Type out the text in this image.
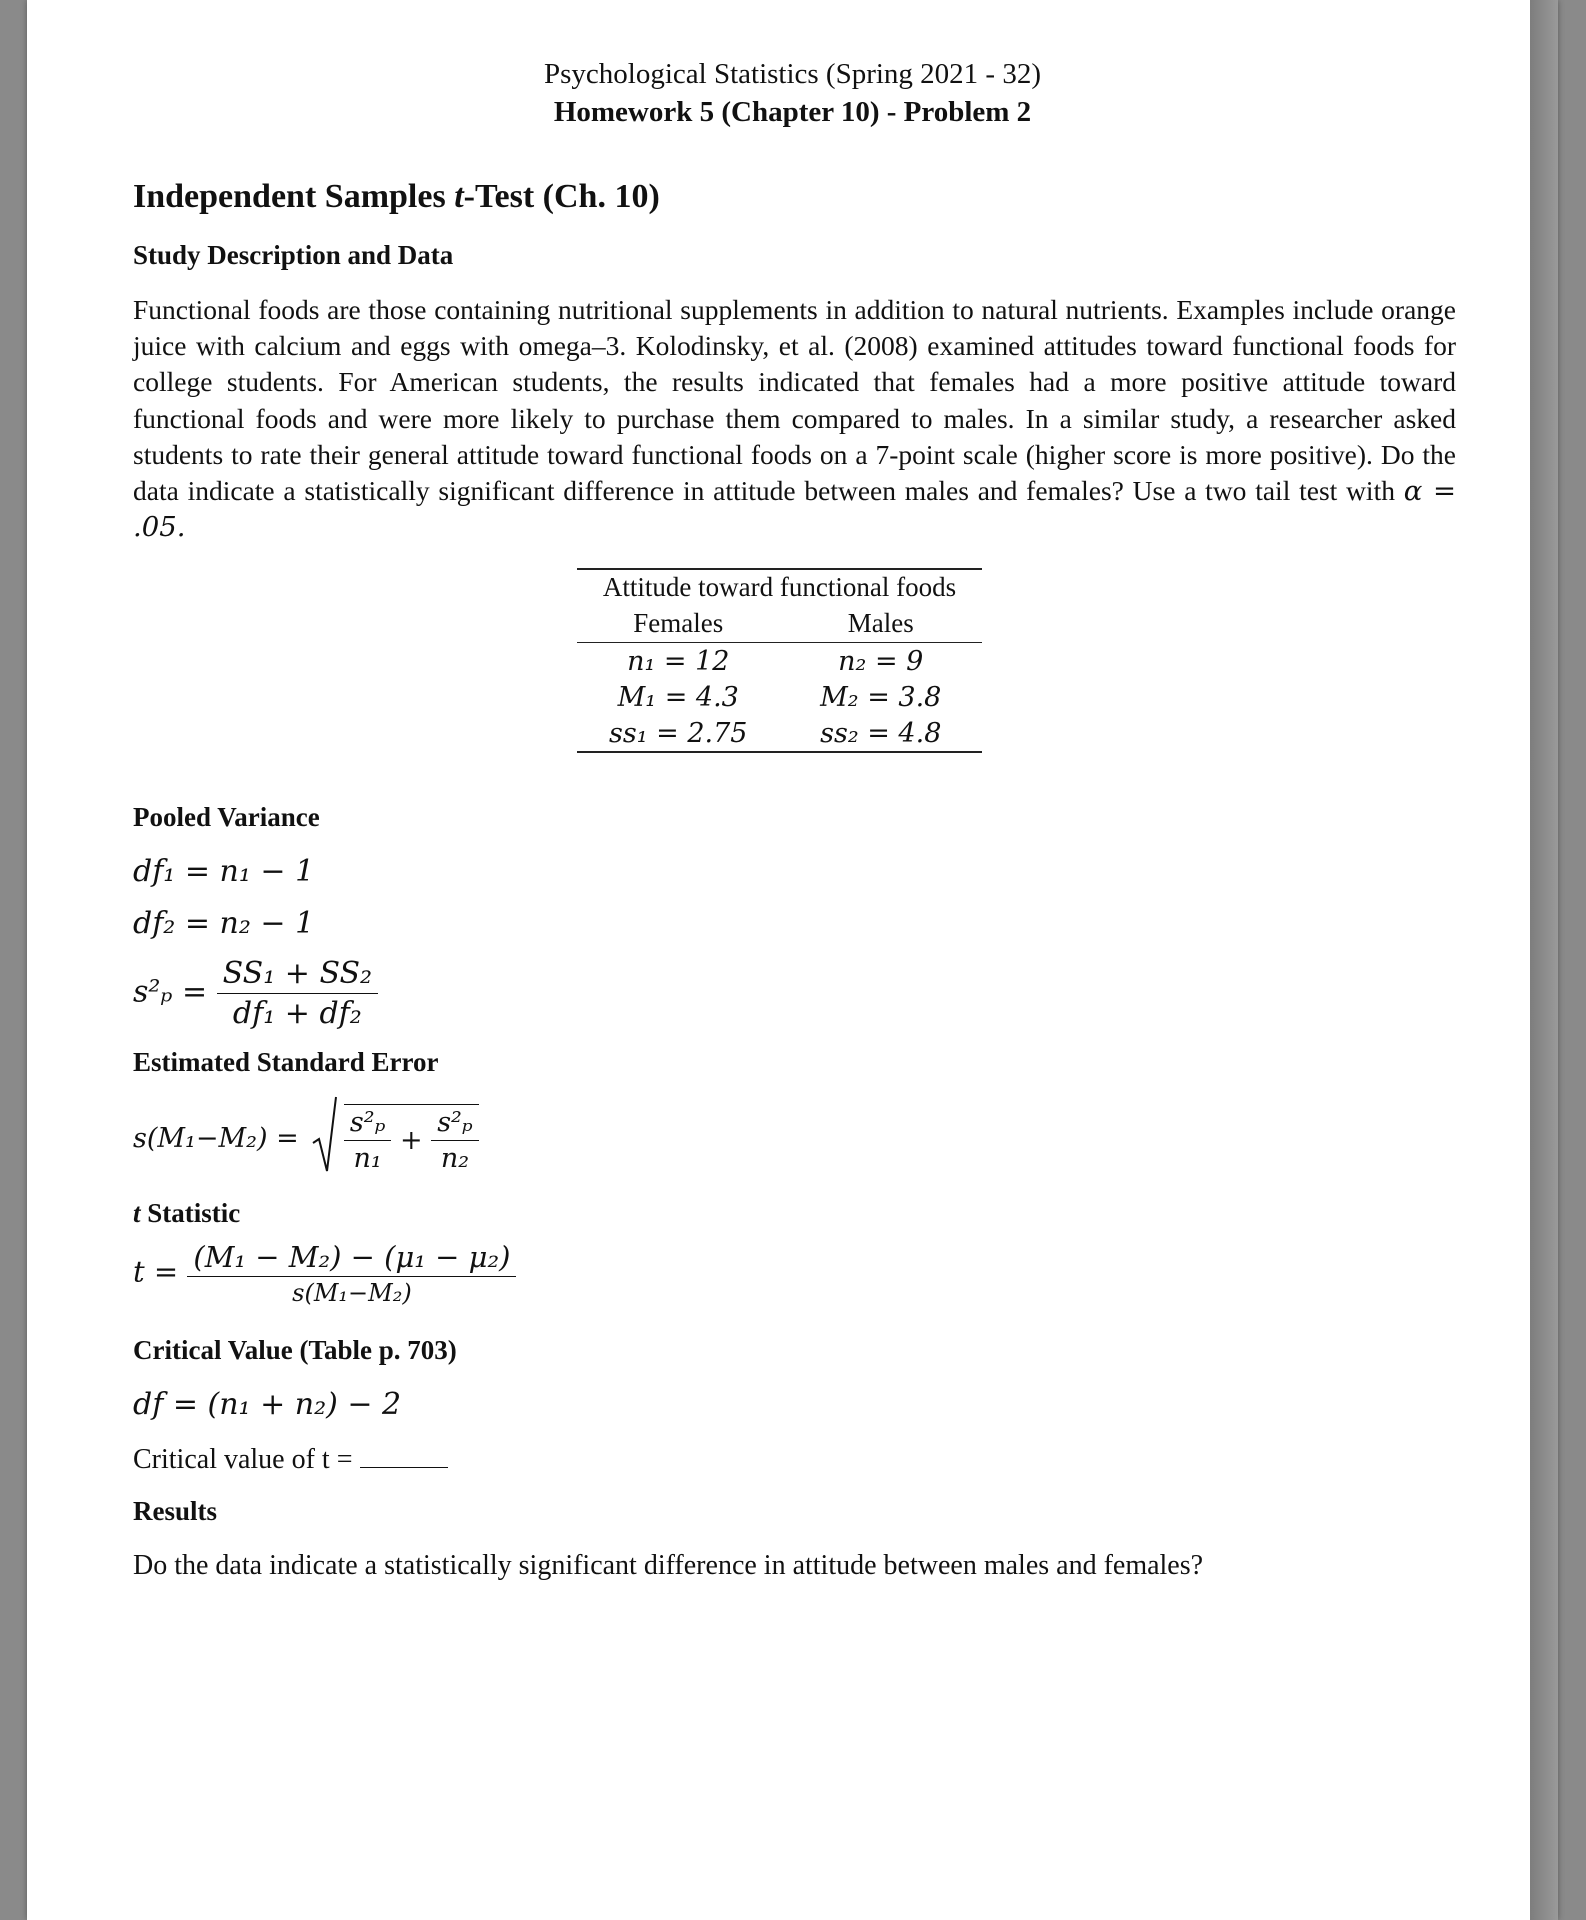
Psychological Statistics (Spring 2021 - 32)
Homework 5 (Chapter 10) - Problem 2
Independent Samples t-Test (Ch. 10)
Study Description and Data
Functional foods are those containing nutritional supplements in addition to natural nutrients. Examples include orange juice with calcium and eggs with omega–3. Kolodinsky, et al. (2008) examined attitudes toward functional foods for college students. For American students, the results indicated that females had a more positive attitude toward functional foods and were more likely to purchase them compared to males. In a similar study, a researcher asked students to rate their general attitude toward functional foods on a 7-point scale (higher score is more positive). Do the data indicate a statistically significant difference in attitude between males and females? Use a two tail test with α = .05.
Attitude toward functional foods
Females	Males
n₁ = 12	n₂ = 9
M₁ = 4.3	M₂ = 3.8
ss₁ = 2.75	ss₂ = 4.8
Pooled Variance
df₁ = n₁ − 1
df₂ = n₂ − 1
$s^2_p = \frac{\text{SS₁ + SS₂}}{\text{df₁ + df₂}}$
Estimated Standard Error
$s(M_1-M_2) = \frac{\text{s²ₚ}}{\text{n₁}} + \frac{\text{s²ₚ}}{\text{n₂}}$
t Statistic
$t = \frac{\text{(M₁ − M₂) − (μ₁ − μ₂)}}{\text{s(M₁−M₂)}}$
Critical Value (Table p. 703)
df = (n₁ + n₂) − 2
Critical value of t =
Results
Do the data indicate a statistically significant difference in attitude between males and females?
